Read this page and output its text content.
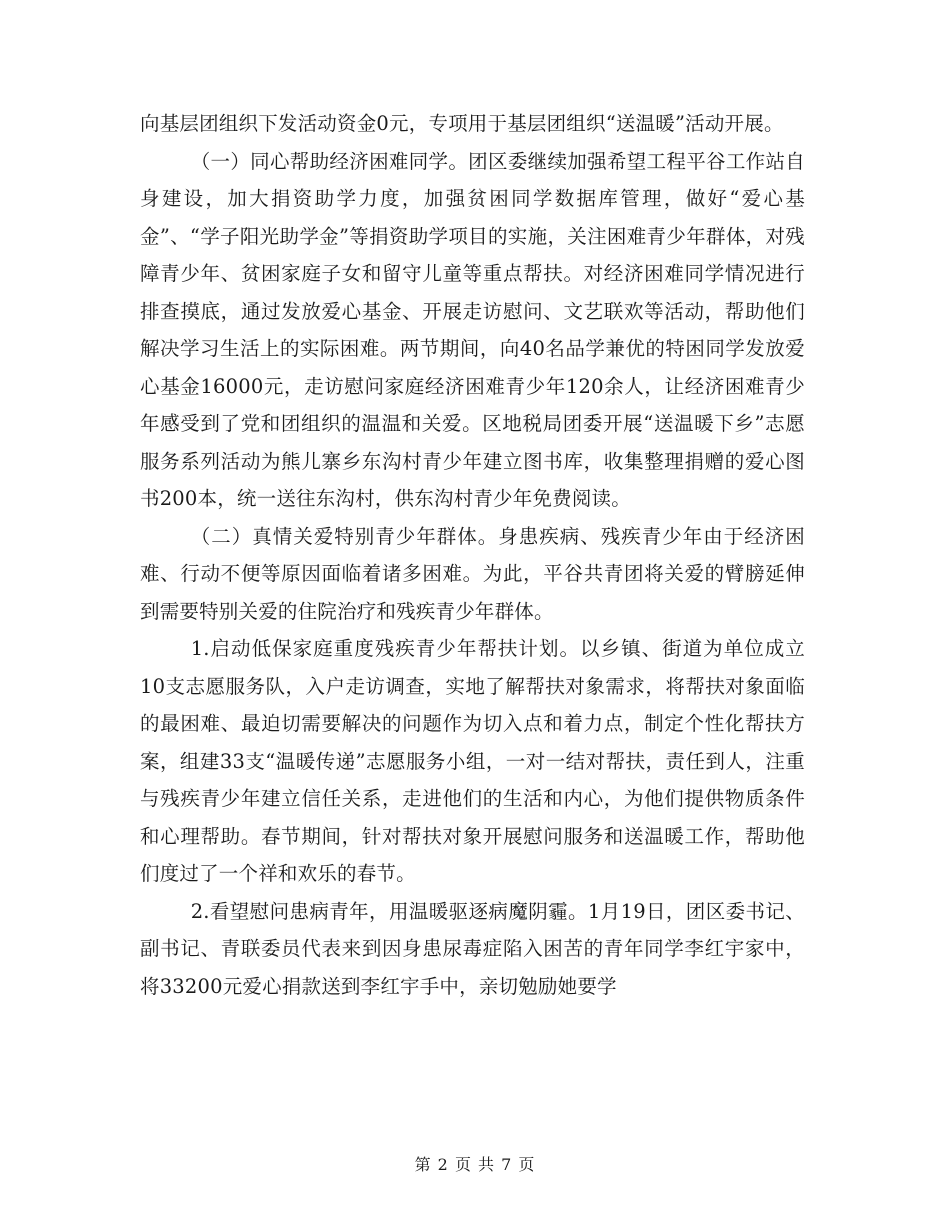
向基层团组织下发活动资金0元，专项用于基层团组织“送温暖”活动开展。

（一）同心帮助经济困难同学。团区委继续加强希望工程平谷工作站自身建设，加大捐资助学力度，加强贫困同学数据库管理，做好“爱心基金”、“学子阳光助学金”等捐资助学项目的实施，关注困难青少年群体，对残障青少年、贫困家庭子女和留守儿童等重点帮扶。对经济困难同学情况进行排查摸底，通过发放爱心基金、开展走访慰问、文艺联欢等活动，帮助他们解决学习生活上的实际困难。两节期间，向40名品学兼优的特困同学发放爱心基金16000元，走访慰问家庭经济困难青少年120余人，让经济困难青少年感受到了党和团组织的温温和关爱。区地税局团委开展“送温暖下乡”志愿服务系列活动为熊儿寨乡东沟村青少年建立图书库，收集整理捐赠的爱心图书200本，统一送往东沟村，供东沟村青少年免费阅读。

（二）真情关爱特别青少年群体。身患疾病、残疾青少年由于经济困难、行动不便等原因面临着诸多困难。为此，平谷共青团将关爱的臂膀延伸到需要特别关爱的住院治疗和残疾青少年群体。

1.启动低保家庭重度残疾青少年帮扶计划。以乡镇、街道为单位成立10支志愿服务队，入户走访调查，实地了解帮扶对象需求，将帮扶对象面临的最困难、最迫切需要解决的问题作为切入点和着力点，制定个性化帮扶方案，组建33支“温暖传递”志愿服务小组，一对一结对帮扶，责任到人，注重与残疾青少年建立信任关系，走进他们的生活和内心，为他们提供物质条件和心理帮助。春节期间，针对帮扶对象开展慰问服务和送温暖工作，帮助他们度过了一个祥和欢乐的春节。

2.看望慰问患病青年，用温暖驱逐病魔阴霾。1月19日，团区委书记、副书记、青联委员代表来到因身患尿毒症陷入困苦的青年同学李红宇家中，将33200元爱心捐款送到李红宇手中，亲切勉励她要学

第 2 页 共 7 页
